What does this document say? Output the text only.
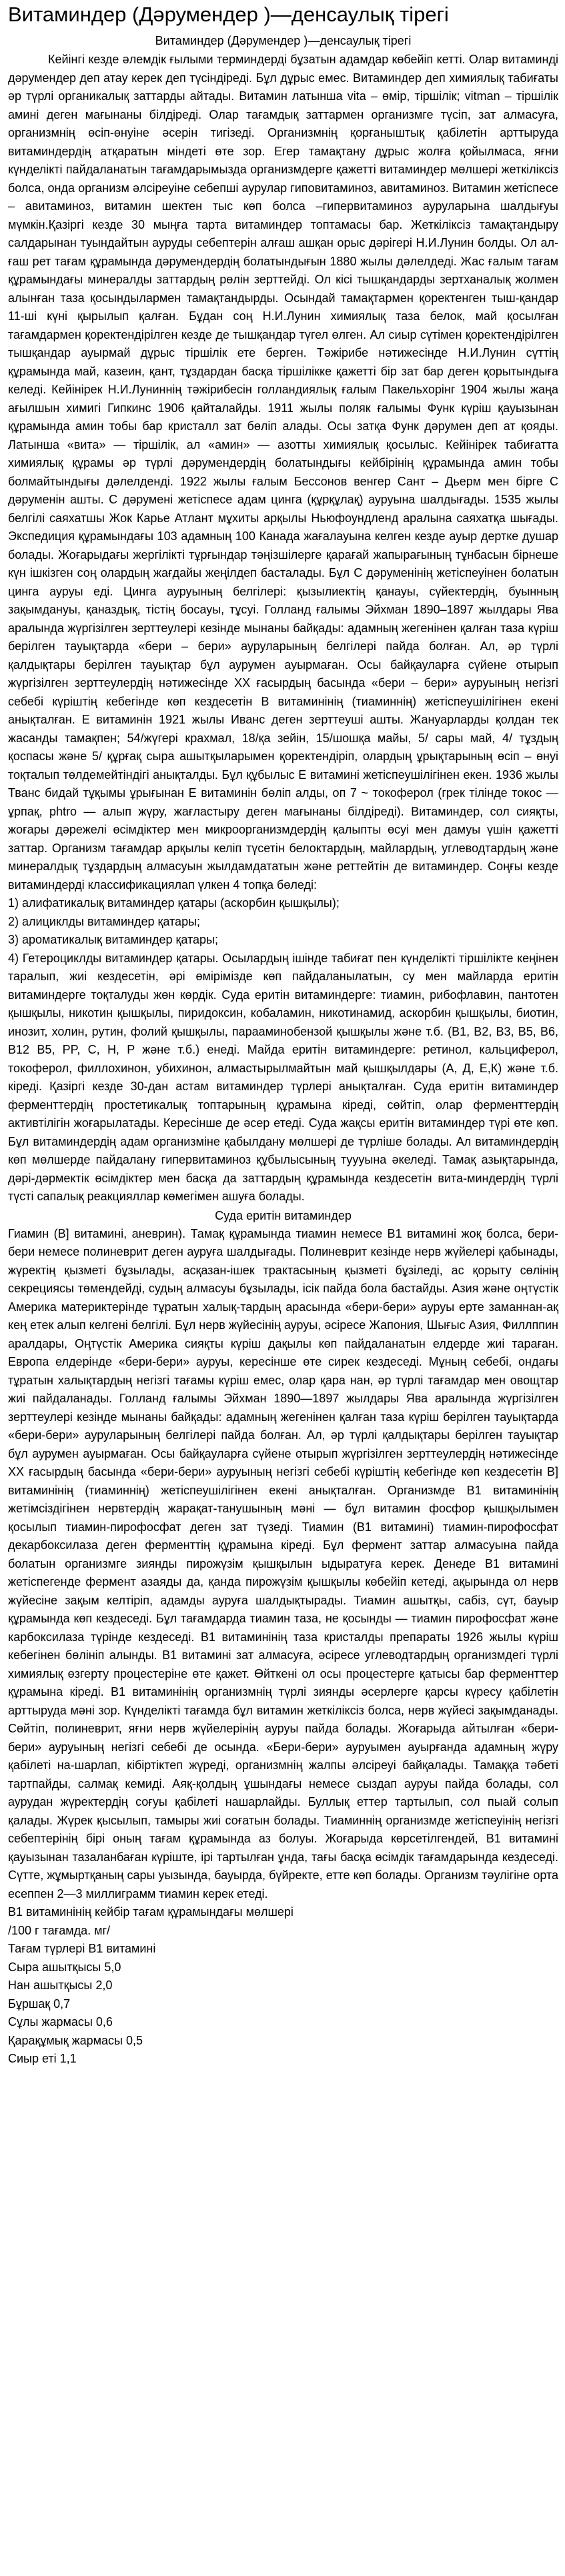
Витаминдер (Дәрумендер )—денсаулық тірегі

Витаминдер (Дәрумендер )—денсаулық тірегі

Кейінгі кезде әлемдік ғылыми терминдерді бұзатын адамдар көбейіп кетті. Олар витаминді дәрумендер деп атау керек деп түсіндіреді. Бұл дұрыс емес. Витаминдер деп химиялық табиғаты әр түрлі органикалық заттарды айтады. Витамин латынша vita – өмір, тіршілік; vitman – тіршілік амині деген мағынаны білдіреді. Олар тағамдық заттармен организмге түсіп, зат алмасуға, организмнің өсіп-өнуіне әсерін тигізеді. Организмнің қорғаныштық қабілетін арттыруда витаминдердің атқаратын міндеті өте зор. Егер тамақтану дұрыс жолға қойылмаса, яғни күнделікті пайдаланатын тағамдарымызда организмдерге қажетті витаминдер мөлшері жеткіліксіз болса, онда организм әлсіреуіне себепші аурулар гиповитаминоз, авитаминоз. Витамин жетіспесе – авитаминоз, витамин шектен тыс көп болса –гипервитаминоз ауруларына шалдығуы мүмкін.Қазіргі кезде 30 мыңға тарта витаминдер топтамасы бар. Жеткіліксіз тамақтандыру салдарынан туындайтын ауруды себептерін алғаш ашқан орыс дәрігері Н.И.Лунин болды. Ол ал-ғаш рет тағам құрамында дәрумендердің болатындығын 1880 жылы дәлелдеді. Жас ғалым тағам құрамындағы минералды заттардың рөлін зерттейді. Ол кісі тышқандарды зертханалық жолмен алынған таза қосындылармен тамақтандырды. Осындай тамақтармен қоректенген тыш-қандар 11-ші күні қырылып қалған. Бұдан соң Н.И.Лунин химиялық таза белок, май қосылған тағамдармен қоректендірілген кезде де тышқандар түгел өлген. Ал сиыр сүтімен қоректендірілген тышқандар ауырмай дұрыс тіршілік ете берген. Тәжірибе нәтижесінде Н.И.Лунин сүттің құрамында май, казеин, қант, тұздардан басқа тіршілікке қажетті бір зат бар деген қорытындыға келеді. Кейінірек Н.И.Луниннің тәжірибесін голландиялық ғалым Пакельхорінг 1904 жылы жаңа ағылшын химигі Гипкинс 1906 қайталайды. 1911 жылы поляк ғалымы Функ күріш қауызынан құрамында амин тобы бар кристалл зат бөліп алады. Осы затқа Функ дәрумен деп ат қояды. Латынша «вита» — тіршілік, ал «амин» — азотты химиялық қосылыс. Кейінірек табиғатта химиялық құрамы әр түрлі дәрумендердің болатындығы кейбірінің құрамында амин тобы болмайтындығы дәлелденді. 1922 жылы ғалым Бессонов венгер Сант – Дьерм мен бірге С дәруменін ашты. С дәрумені жетіспесе адам цинга (құрқұлақ) ауруына шалдығады. 1535 жылы белгілі саяхатшы Жок Карье Атлант мұхиты арқылы Ньюфоундленд аралына саяхатқа шығады. Экспедиция құрамындағы 103 адамның 100 Канада жағалауына келген кезде ауыр дертке душар болады. Жоғарыдағы жергілікті тұрғындар тәңізшілерге қарағай жапырағының тұнбасын бірнеше күн ішкізген соң олардың жағдайы жеңілдеп басталады. Бұл С дәруменінің жетіспеуінен болатын цинга ауруы еді. Цинга ауруының белгілері: қызылиектің қанауы, сүйектердің, буынның зақымдануы, қаназдық, тістің босауы, тұсуі. Голланд ғалымы Эйхман 1890–1897 жылдары Ява аралында жүргізілген зерттеулері кезінде мынаны байқады: адамның жегенінен қалған таза күріш берілген тауықтарда «бери – бери» ауруларының белгілері пайда болған. Ал, әр түрлі қалдықтары берілген тауықтар бұл аурумен ауырмаған. Осы байқауларға сүйене отырып жүргізілген зерттеулердің нәтижесінде XX ғасырдың басында «бери – бери» ауруының негізгі себебі күріштің кебегінде көп кездесетін В витаминінің (тиаминнің) жетіспеушілігінен екені анықталған. Е витаминін 1921 жылы Иванс деген зерттеуші ашты. Жануарларды қолдан тек жасанды тамақпен; 54/жүгері крахмал, 18/қа зейін, 15/шошқа майы, 5/ сары май, 4/ тұздың қоспасы және 5/ құрғақ сыра ашытқыларымен қоректендіріп, олардың ұрықтарының өсіп – өнуі тоқталып төлдемейтіндігі анықталды. Бұл құбылыс Е витамині жетіспеушілігінен екен. 1936 жылы Тванс бидай тұқымы ұрығынан Е витаминін бөліп алды, оп 7 ~ токоферол (грек тілінде токос — ұрпақ, phtro — алып жүру, жағластыру деген мағынаны білдіреді). Витаминдер, сол сияқты, жоғары дәрежелі өсімдіктер мен микроорганизмдердің қалыпты өсуі мен дамуы үшін қажетті заттар. Организм тағамдар арқылы келіп түсетін белоктардың, майлардың, углеводтардың және минералдық тұздардың алмасуын жылдамдататын және реттейтін де витаминдер. Соңғы кезде витаминдерді классификациялап үлкен 4 топқа бөледі:

1) алифатикалық витаминдер қатары (аскорбин қышқылы);

2) алициклды витаминдер қатары;

3) ароматикалық витаминдер қатары;

4) Гетероциклды витаминдер қатары. Осылардың ішінде табиғат пен күнделікті тіршілікте кеңінен таралып, жиі кездесетін, әрі өмірімізде көп пайдаланылатын, су мен майларда еритін витаминдерге тоқталуды жөн көрдік. Суда еритін витаминдерге: тиамин, рибофлавин, пантотен қышқылы, никотин қышқылы, пиридоксин, кобаламин, никотинамид, аскорбин қышқылы, биотин, инозит, холин, рутин, фолий қышқылы, парааминобензой қышқылы және т.б. (B1, B2, B3, B5, B6, B12 B5, PP, C, H, P және т.б.) енеді. Майда еритін витаминдерге: ретинол, кальциферол, токоферол, филлохинон, убихинон, алмастырылмайтын май қышқылдары (А, Д, Е,К) және т.б. кіреді. Қазіргі кезде 30-дан астам витаминдер түрлері анықталған. Суда еритін витаминдер ферменттердің простетикалық топтарының құрамына кіреді, сөйтіп, олар ферменттердің активтілігін жоғарылатады. Кересінше де әсер етеді. Суда жақсы еритін витаминдер түрі өте көп. Бұл витаминдердің адам организміне қабылдану мөлшері де түрліше болады. Ал витаминдердің көп мөлшерде пайдалану гипервитаминоз құбылысының туууына әкеледі. Тамақ азықтарында, дәрі-дәрмектік өсімдіктер мен басқа да заттардың құрамында кездесетін вита-миндердің түрлі түсті сапалық реакцияллар көмегімен ашуға болады.

Суда еритін витаминдер

Гиамин (В] витамині, аневрин). Тамақ құрамында тиамин немесе В1 витамині жоқ болса, бери-бери немесе полиневрит деген ауруға шалдығады. Полиневрит кезінде нерв жүйелері қабынады, жүректің қызметі бұзылады, асқазан-ішек трактасының қызметі бұзіледі, ас қорыту сөлінің секрециясы төмендейді, судың алмасуы бұзылады, ісік пайда бола бастайды. Азия және оңтүстік Америка материктерінде тұратын халық-тардың арасында «бери-бери» ауруы ерте заманнан-ақ кең етек алып келгені белгілі. Бұл нерв жүйесінің ауруы, әсіресе Жапония, Шығыс Азия, Филлппин аралдары, Оңтүстік Америка сияқты күріш дақылы көп пайдаланатын елдерде жиі тараған. Европа елдерінде «бери-бери» ауруы, кересінше өте сирек кездеседі. Мұның себебі, ондағы тұратын халықтардың негізгі тағамы күріш емес, олар қара нан, әр түрлі тағамдар мен овощтар жиі пайдаланады. Голланд ғалымы Эйхман 1890—1897 жылдары Ява аралында жүргізілген зерттеулері кезінде мынаны байқады: адамның жегенінен қалған таза күріш берілген тауықтарда «бери-бери» ауруларының белгілері пайда болған. Ал, әр түрлі қалдықтары берілген тауықтар бұл аурумен ауырмаған. Осы байқауларға сүйене отырып жүргізілген зерттеулердің нәтижесінде XX ғасырдың басында «бери-бери» ауруының негізгі себебі күріштің кебегінде көп кездесетін В] витаминінің (тиаминнің) жетіспеушілігінен екені анықталған. Организмде В1 витаминінің жетімсіздігінен нервтердің жарақат-танушының мәні — бұл витамин фосфор қышқылымен қосылып тиамин-пирофосфат деген зат түзеді. Тиамин (В1 витамині) тиамин-пирофосфат декарбоксилаза деген ферменттің құрамына кіреді. Бұл фермент заттар алмасуына пайда болатын организмге зиянды пирожүзім қышқылын ыдыратуға керек. Денеде В1 витамині жетіспегенде фермент азаяды да, қанда пирожүзім қышқылы көбейіп кетеді, ақырында ол нерв жүйесіне зақым келтіріп, адамды ауруға шалдықтырады. Тиамин ашытқы, сабіз, сүт, бауыр құрамында көп кездеседі. Бұл тағамдарда тиамин таза, не қосынды — тиамин пирофосфат және карбоксилаза түрінде кездеседі. В1 витаминінің таза кристалды препараты 1926 жылы күріш кебегінен бөлініп алынды. В1 витамині зат алмасуға, әсіресе углеводтардың организмдегі түрлі химиялық өзгерту процестеріне өте қажет. Өйткені ол осы процестерге қатысы бар ферменттер құрамына кіреді. В1 витаминінің организмнің түрлі зиянды әсерлерге қарсы күресу қабілетін арттыруда мәні зор. Күнделікті тағамда бұл витамин жеткіліксіз болса, нерв жүйесі зақымданады. Сөйтіп, полиневрит, яғни нерв жүйелерінің ауруы пайда болады. Жоғарыда айтылған «бери-бери» ауруының негізгі себебі де осында. «Бери-бери» ауруымен ауырғанда адамның жүру қабілеті на-шарлап, кібіртіктеп жүреді, организмнің жалпы әлсіреуі байқалады. Тамаққа тәбеті тартпайды, салмақ кемиді. Аяқ-қолдың ұшындағы немесе сыздап ауруы пайда болады, сол аурудан жүректердің соғуы қабілеті нашарлайды. Буллық еттер тартылып, сол пыай солып қалады. Жүрек қысылып, тамыры жиі соғатын болады. Тиаминнің организмде жетіспеуінің негізгі себептерінің бірі оның тағам құрамында аз болуы. Жоғарыда көрсетілгендей, В1 витамині қауызынан тазаланбаған күріште, ірі тартылған ұнда, тағы басқа өсімдік тағамдарында кездеседі. Сүтте, жұмыртқаның сары уызында, бауырда, бүйректе, етте көп болады. Организм тәулігіне орта есеппен 2—3 миллиграмм тиамин керек етеді.

В1 витаминінің кейбір тағам құрамындағы мөлшері

/100 г тағамда. мг/

Тағам түрлері В1 витамині

Сыра ашытқысы 5,0

Нан ашытқысы 2,0

Бұршақ 0,7

Сұлы жармасы 0,6

Қарақұмық жармасы 0,5

Сиыр еті 1,1
